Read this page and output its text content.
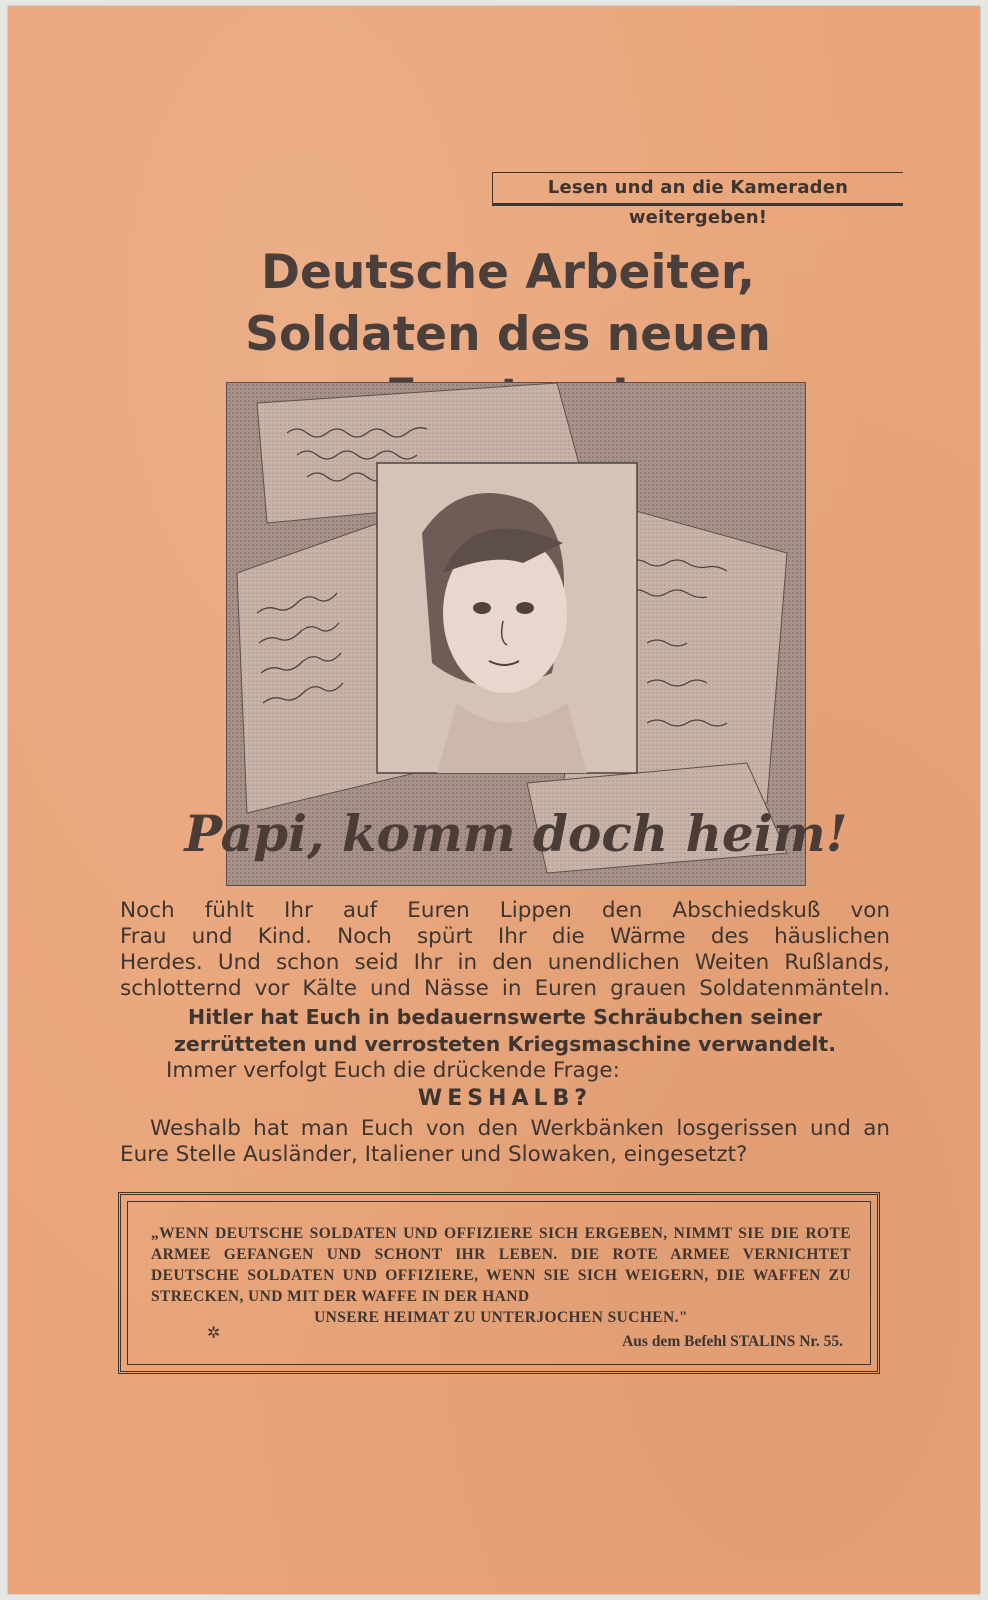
Lesen und an die Kameraden weitergeben!
Deutsche Arbeiter,
Soldaten des neuen
Papi, komm doch heim!
Noch fühlt Ihr auf Euren Lippen den Abschiedskuß von
Frau und Kind. Noch spürt Ihr die Wärme des häuslichen
Herdes. Und schon seid Ihr in den unendlichen Weiten Rußlands,
schlotternd vor Kälte und Nässe in Euren grauen Soldatenmänteln.
Hitler hat Euch in bedauernswerte Schräubchen seiner
zerrütteten und verrosteten Kriegsmaschine verwandelt.
Immer verfolgt Euch die drückende Frage:
WESHALB?
Weshalb hat man Euch von den Werkbänken losgerissen und an Eure Stelle Ausländer, Italiener und Slowaken, eingesetzt?
„WENN DEUTSCHE SOLDATEN UND OFFIZIERE SICH ERGEBEN, NIMMT SIE DIE ROTE ARMEE GEFANGEN UND SCHONT IHR LEBEN. DIE ROTE ARMEE VERNICHTET DEUTSCHE SOLDATEN UND OFFIZIERE, WENN SIE SICH WEIGERN, DIE WAFFEN ZU STRECKEN, UND MIT DER WAFFE IN DER HAND
UNSERE HEIMAT ZU UNTERJOCHEN SUCHEN."
✲	Aus dem Befehl STALINS Nr. 55.
